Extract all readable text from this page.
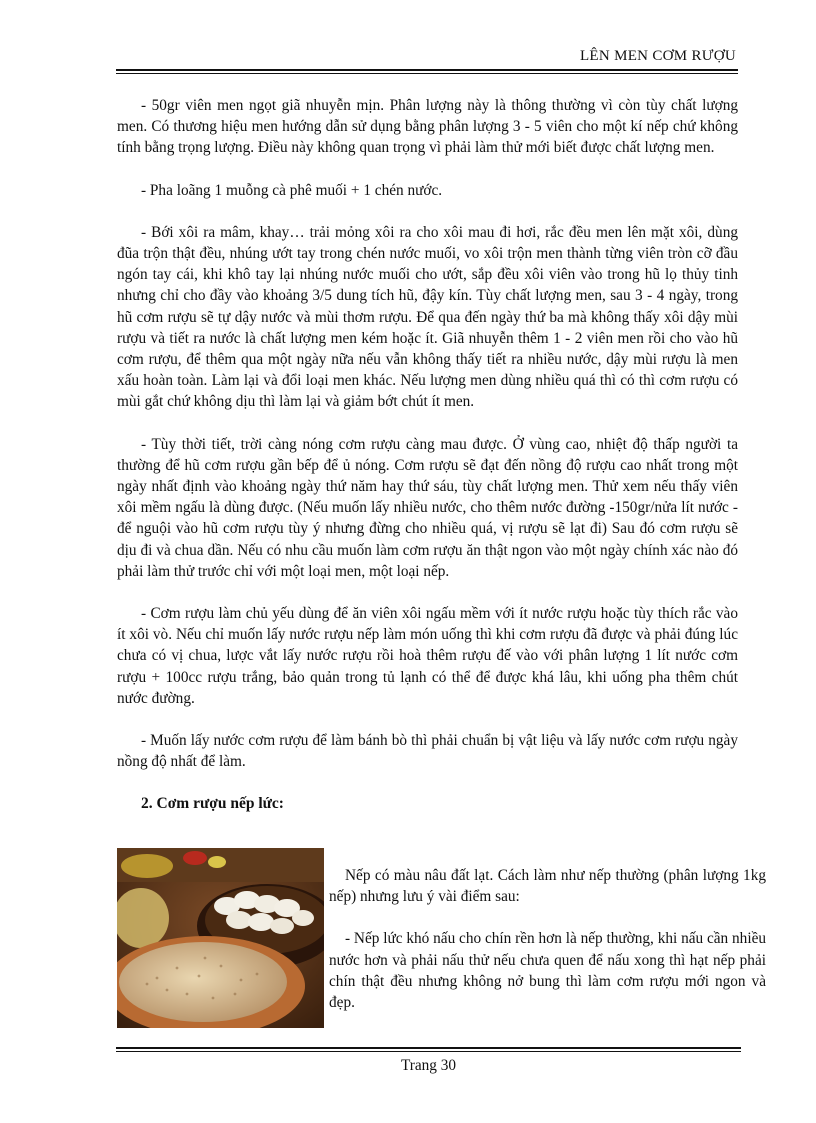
LÊN MEN CƠM RƯỢU

- 50gr viên men ngọt giã nhuyễn mịn. Phân lượng này là thông thường vì còn tùy chất lượng men. Có thương hiệu men hướng dẫn sử dụng bằng phân lượng 3 - 5 viên cho một kí nếp chứ không tính bằng trọng lượng. Điều này không quan trọng vì phải làm thử mới biết được chất lượng men.

- Pha loãng 1 muỗng cà phê muối + 1 chén nước.

- Bới xôi ra mâm, khay… trải mỏng xôi ra cho xôi mau đi hơi, rắc đều men lên mặt xôi, dùng đũa trộn thật đều, nhúng ướt tay trong chén nước muối, vo xôi trộn men thành từng viên tròn cỡ đầu ngón tay cái, khi khô tay lại nhúng nước muối cho ướt, sắp đều xôi viên vào trong hũ lọ thủy tinh nhưng chỉ cho đầy vào khoảng 3/5 dung tích hũ, đậy kín. Tùy chất lượng men, sau 3 - 4 ngày, trong hũ cơm rượu sẽ tự dậy nước và mùi thơm rượu. Để qua đến ngày thứ ba mà không thấy xôi dậy mùi rượu và tiết ra nước là chất lượng men kém hoặc ít. Giã nhuyễn thêm 1 - 2 viên men rồi cho vào hũ cơm rượu, để thêm qua một ngày nữa nếu vẫn không thấy tiết ra nhiều nước, dậy mùi rượu là men xấu hoàn toàn. Làm lại và đổi loại men khác. Nếu lượng men dùng nhiều quá thì có thì cơm rượu có mùi gắt chứ không dịu thì làm lại và giảm bớt chút ít men.

- Tùy thời tiết, trời càng nóng cơm rượu càng mau được. Ở vùng cao, nhiệt độ thấp người ta thường để hũ cơm rượu gần bếp để ủ nóng. Cơm rượu sẽ đạt đến nồng độ rượu cao nhất trong một ngày nhất định vào khoảng ngày thứ năm hay thứ sáu, tùy chất lượng men. Thử xem nếu thấy viên xôi mềm ngấu là dùng được. (Nếu muốn lấy nhiều nước, cho thêm nước đường -150gr/nửa lít nước - để nguội vào hũ cơm rượu tùy ý nhưng đừng cho nhiều quá, vị rượu sẽ lạt đi) Sau đó cơm rượu sẽ dịu đi và chua dần. Nếu có nhu cầu muốn làm cơm rượu ăn thật ngon vào một ngày chính xác nào đó phải làm thử trước chỉ với một loại men, một loại nếp.

- Cơm rượu làm chủ yếu dùng để ăn viên xôi ngấu mềm với ít nước rượu hoặc tùy thích rắc vào ít xôi vò. Nếu chỉ muốn lấy nước rượu nếp làm món uống thì khi cơm rượu đã được và phải đúng lúc chưa có vị chua, lược vắt lấy nước rượu rồi hoà thêm rượu đế vào với phân lượng 1 lít nước cơm rượu + 100cc rượu trắng, bảo quản trong tủ lạnh có thể để được khá lâu, khi uống pha thêm chút nước đường.

- Muốn lấy nước cơm rượu để làm bánh bò thì phải chuẩn bị vật liệu và lấy nước cơm rượu ngày nồng độ nhất để làm.

2. Cơm rượu nếp lức:

Nếp có màu nâu đất lạt. Cách làm như nếp thường (phân lượng 1kg nếp) nhưng lưu ý vài điểm sau:

- Nếp lức khó nấu cho chín rền hơn là nếp thường, khi nấu cần nhiều nước hơn và phải nấu thử nếu chưa quen để nấu xong thì hạt nếp phải chín thật đều nhưng không nở bung thì làm cơm rượu mới ngon và đẹp.

Trang 30
